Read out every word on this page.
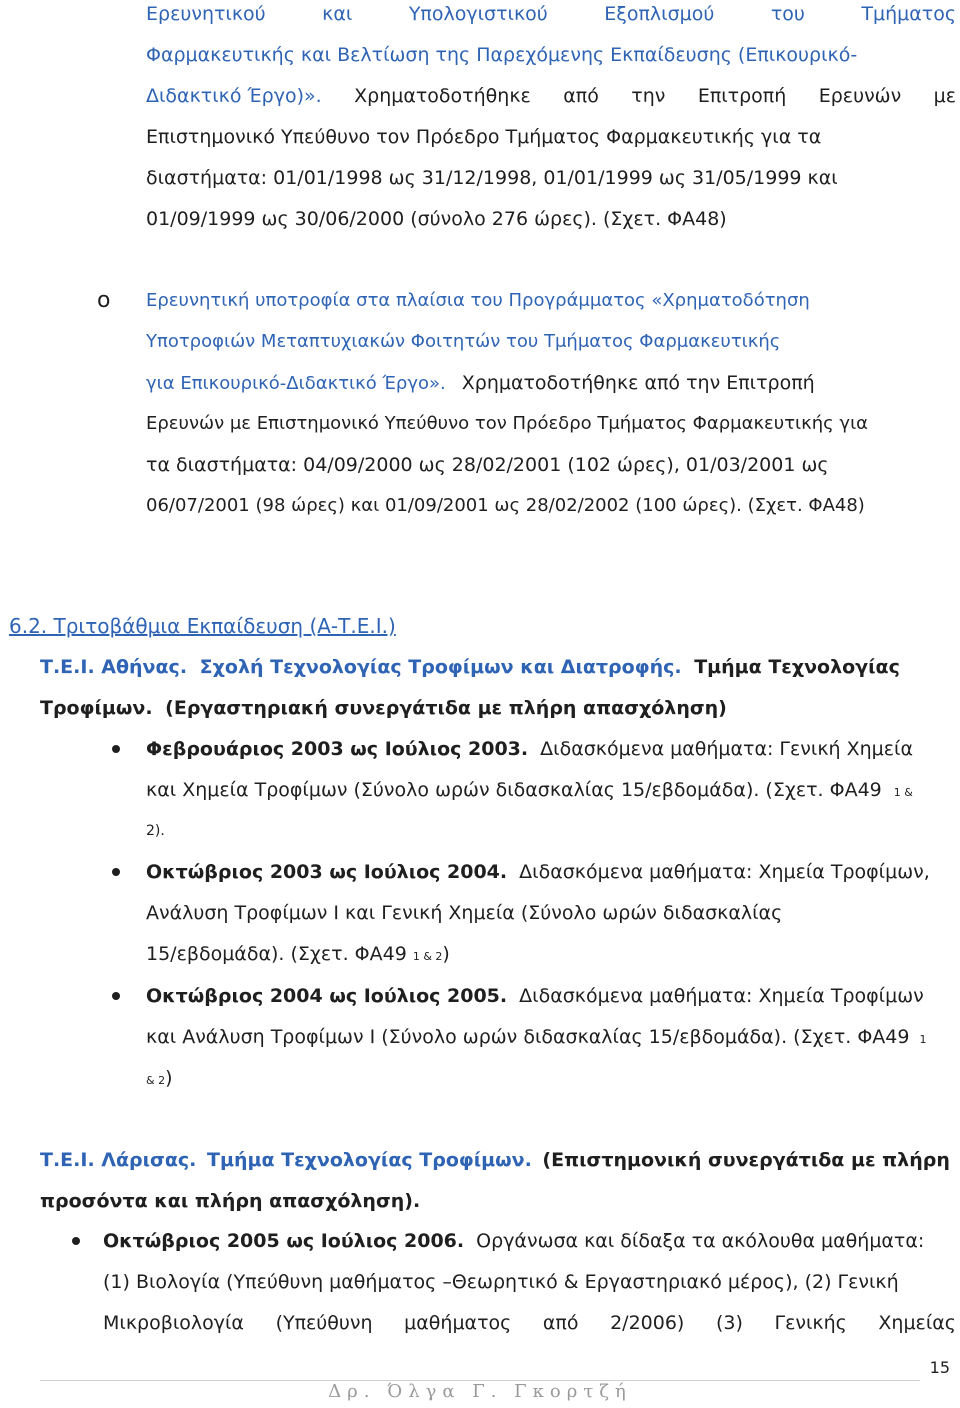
Ερευνητικού	και	Υπολογιστικού	Εξοπλισμού	του	Τμήματος
Φαρμακευτικής και Βελτίωση της Παρεχόμενης Εκπαίδευσης (Επικουρικό-
Διδακτικό Έργο)». Χρηματοδοτήθηκε από την Επιτροπή Ερευνών με
Επιστημονικό Υπεύθυνο τον Πρόεδρο Τμήματος Φαρμακευτικής για τα
διαστήματα: 01/01/1998 ως 31/12/1998, 01/01/1999 ως 31/05/1999 και
01/09/1999 ως 30/06/2000 (σύνολο 276 ώρες). (Σχετ. ΦΑ48)
o Ερευνητική υποτροφία στα πλαίσια του Προγράμματος «Χρηματοδότηση
Υποτροφιών Μεταπτυχιακών Φοιτητών του Τμήματος Φαρμακευτικής
για Επικουρικό-Διδακτικό Έργο». Χρηματοδοτήθηκε από την Επιτροπή
Ερευνών με Επιστημονικό Υπεύθυνο τον Πρόεδρο Τμήματος Φαρμακευτικής για
τα διαστήματα: 04/09/2000 ως 28/02/2001 (102 ώρες), 01/03/2001 ως
06/07/2001 (98 ώρες) και 01/09/2001 ως 28/02/2002 (100 ώρες). (Σχετ. ΦΑ48)
6.2. Τριτοβάθμια Εκπαίδευση (Α-Τ.Ε.Ι.)
Τ.Ε.Ι. Αθήνας. Σχολή Τεχνολογίας Τροφίμων και Διατροφής. Τμήμα Τεχνολογίας
Τροφίμων. (Εργαστηριακή συνεργάτιδα με πλήρη απασχόληση)
Φεβρουάριος 2003 ως Ιούλιος 2003. Διδασκόμενα μαθήματα: Γενική Χημεία
και Χημεία Τροφίμων (Σύνολο ωρών διδασκαλίας 15/εβδομάδα). (Σχετ. ΦΑ49 1 &
2).
Οκτώβριος 2003 ως Ιούλιος 2004. Διδασκόμενα μαθήματα: Χημεία Τροφίμων,
Ανάλυση Τροφίμων Ι και Γενική Χημεία (Σύνολο ωρών διδασκαλίας
15/εβδομάδα). (Σχετ. ΦΑ49 1 & 2)
Οκτώβριος 2004 ως Ιούλιος 2005. Διδασκόμενα μαθήματα: Χημεία Τροφίμων
και Ανάλυση Τροφίμων Ι (Σύνολο ωρών διδασκαλίας 15/εβδομάδα). (Σχετ. ΦΑ49 1
& 2)
Τ.Ε.Ι. Λάρισας. Τμήμα Τεχνολογίας Τροφίμων. (Επιστημονική συνεργάτιδα με πλήρη
προσόντα και πλήρη απασχόληση).
Οκτώβριος 2005 ως Ιούλιος 2006. Οργάνωσα και δίδαξα τα ακόλουθα μαθήματα:
(1) Βιολογία (Υπεύθυνη μαθήματος –Θεωρητικό & Εργαστηριακό μέρος), (2) Γενική
Μικροβιολογία (Υπεύθυνη μαθήματος από 2/2006) (3) Γενικής Χημείας
15
Δρ. Όλγα Γ. Γκορτζή
